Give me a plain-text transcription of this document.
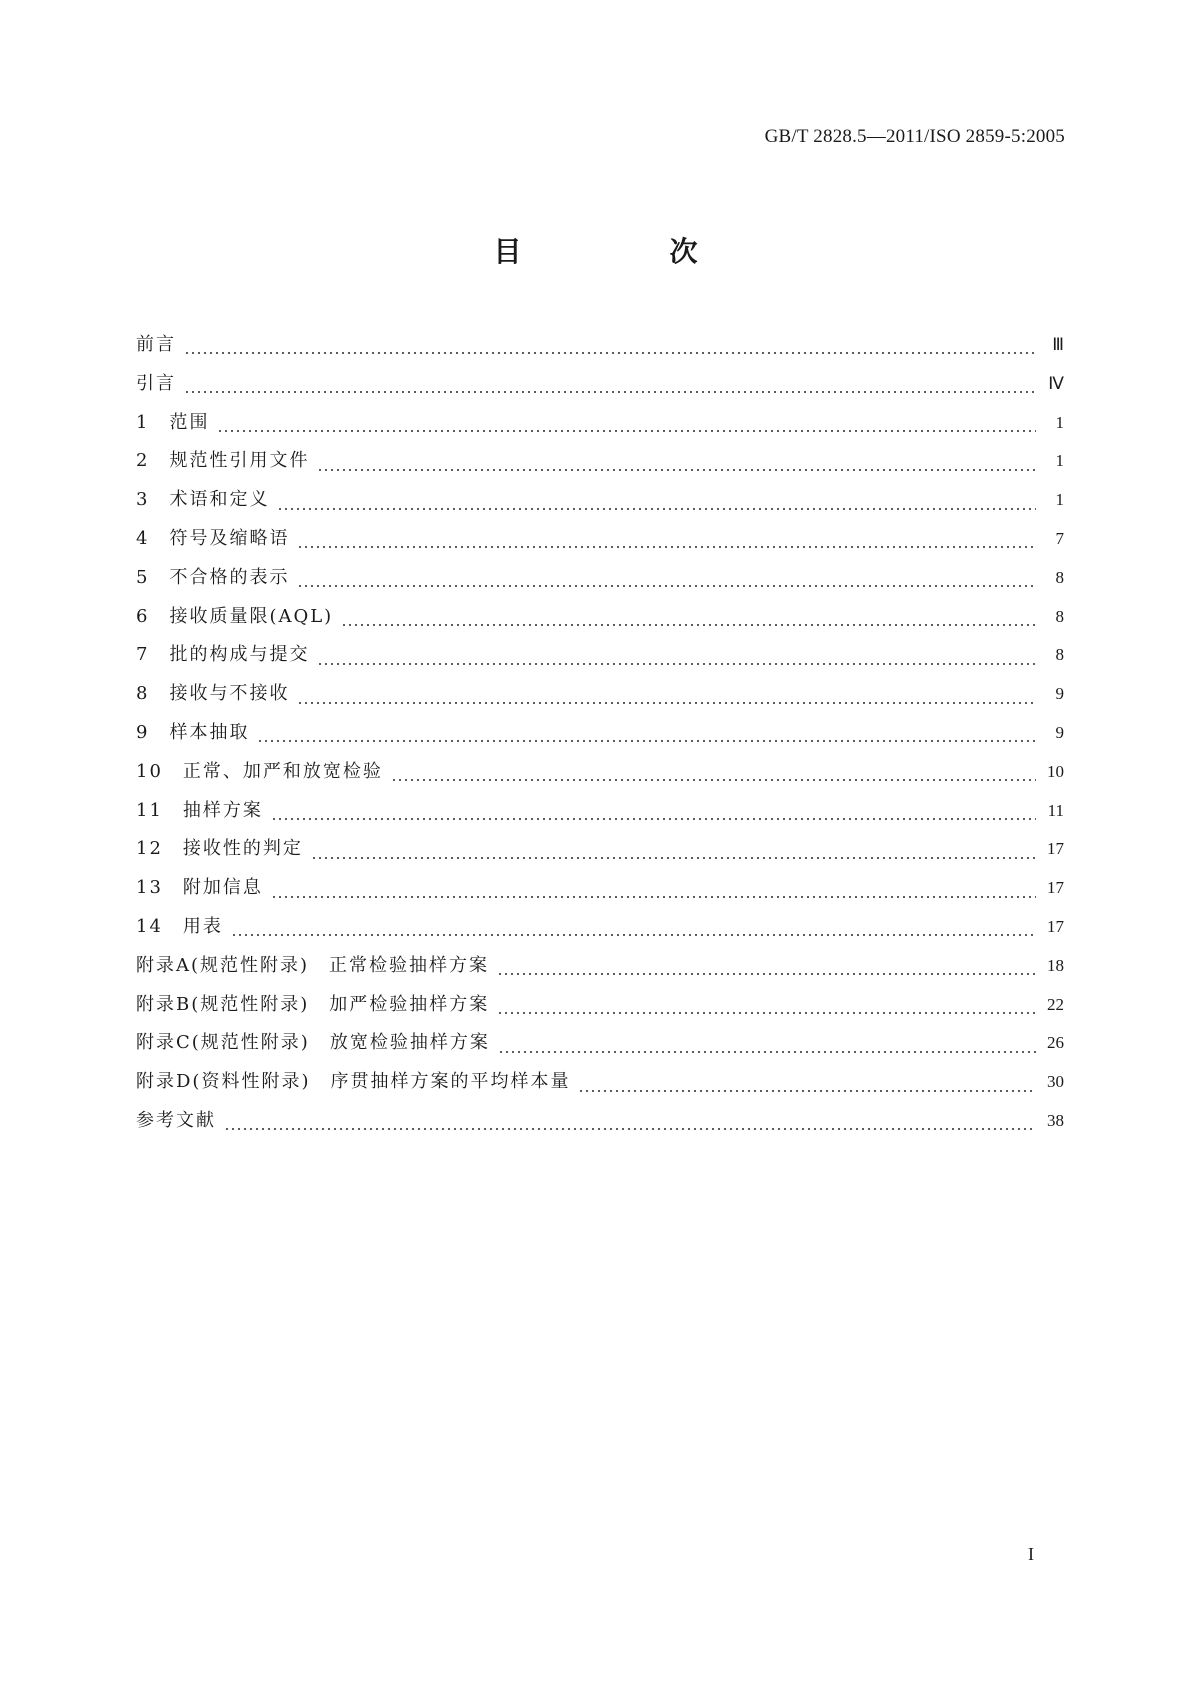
GB/T 2828.5—2011/ISO 2859-5:2005
目　次
前言	Ⅲ
引言	Ⅳ
1　范围	1
2　规范性引用文件	1
3　术语和定义	1
4　符号及缩略语	7
5　不合格的表示	8
6　接收质量限(AQL)	8
7　批的构成与提交	8
8　接收与不接收	9
9　样本抽取	9
10　正常、加严和放宽检验	10
11　抽样方案	11
12　接收性的判定	17
13　附加信息	17
14　用表	17
附录A(规范性附录)　正常检验抽样方案	18
附录B(规范性附录)　加严检验抽样方案	22
附录C(规范性附录)　放宽检验抽样方案	26
附录D(资料性附录)　序贯抽样方案的平均样本量	30
参考文献	38
I
